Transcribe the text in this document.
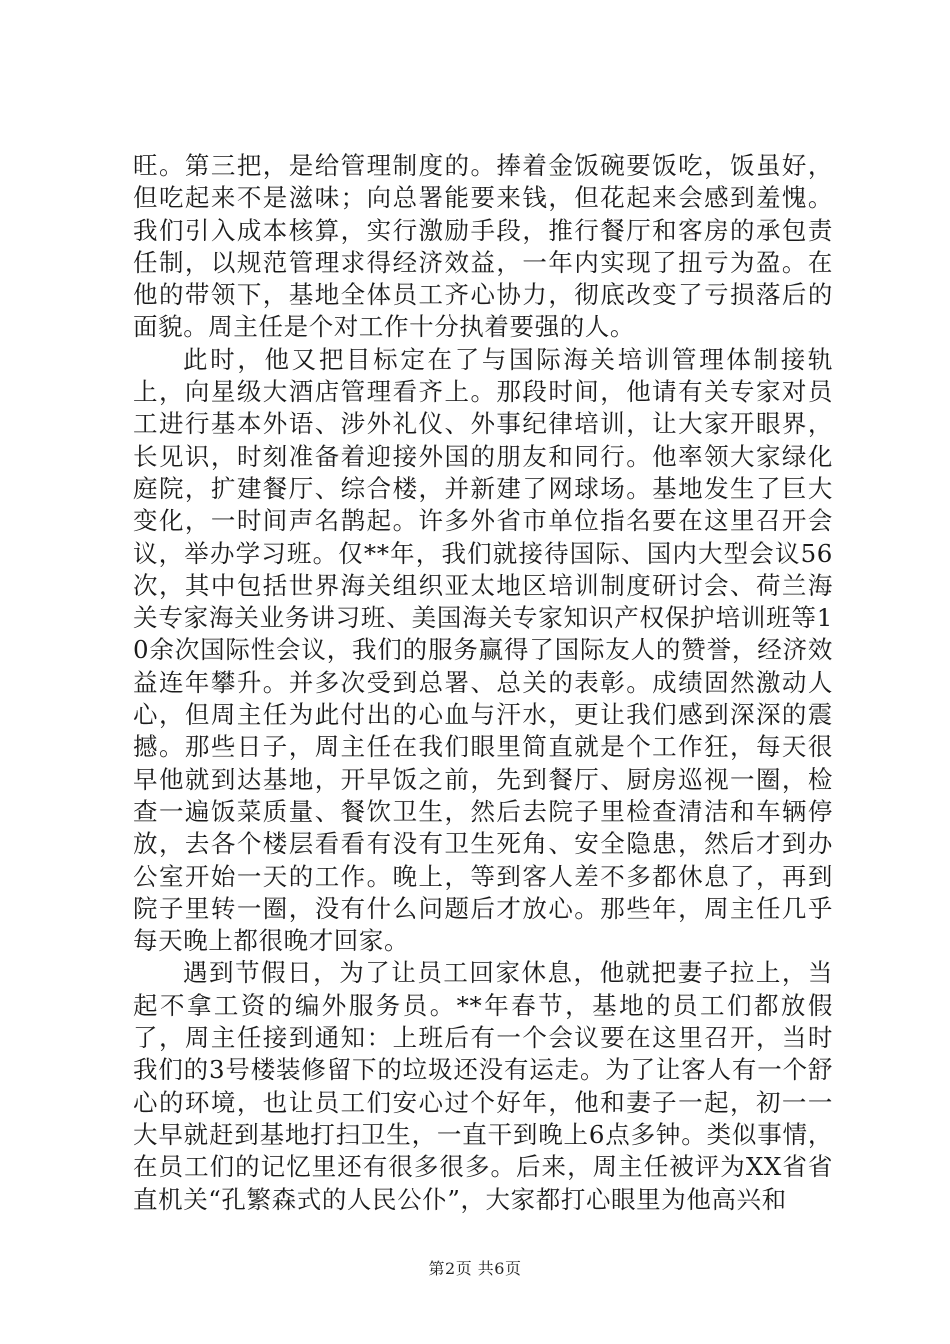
旺。第三把，是给管理制度的。捧着金饭碗要饭吃，饭虽好，但吃起来不是滋味；向总署能要来钱，但花起来会感到羞愧。我们引入成本核算，实行激励手段，推行餐厅和客房的承包责任制，以规范管理求得经济效益，一年内实现了扭亏为盈。在他的带领下，基地全体员工齐心协力，彻底改变了亏损落后的面貌。周主任是个对工作十分执着要强的人。

此时，他又把目标定在了与国际海关培训管理体制接轨上，向星级大酒店管理看齐上。那段时间，他请有关专家对员工进行基本外语、涉外礼仪、外事纪律培训，让大家开眼界，长见识，时刻准备着迎接外国的朋友和同行。他率领大家绿化庭院，扩建餐厅、综合楼，并新建了网球场。基地发生了巨大变化，一时间声名鹊起。许多外省市单位指名要在这里召开会议，举办学习班。仅**年，我们就接待国际、国内大型会议56次，其中包括世界海关组织亚太地区培训制度研讨会、荷兰海关专家海关业务讲习班、美国海关专家知识产权保护培训班等10余次国际性会议，我们的服务赢得了国际友人的赞誉，经济效益连年攀升。并多次受到总署、总关的表彰。成绩固然激动人心，但周主任为此付出的心血与汗水，更让我们感到深深的震撼。那些日子，周主任在我们眼里简直就是个工作狂，每天很早他就到达基地，开早饭之前，先到餐厅、厨房巡视一圈，检查一遍饭菜质量、餐饮卫生，然后去院子里检查清洁和车辆停放，去各个楼层看看有没有卫生死角、安全隐患，然后才到办公室开始一天的工作。晚上，等到客人差不多都休息了，再到院子里转一圈，没有什么问题后才放心。那些年，周主任几乎每天晚上都很晚才回家。

遇到节假日，为了让员工回家休息，他就把妻子拉上，当起不拿工资的编外服务员。**年春节，基地的员工们都放假了，周主任接到通知：上班后有一个会议要在这里召开，当时我们的3号楼装修留下的垃圾还没有运走。为了让客人有一个舒心的环境，也让员工们安心过个好年，他和妻子一起，初一一大早就赶到基地打扫卫生，一直干到晚上6点多钟。类似事情，在员工们的记忆里还有很多很多。后来，周主任被评为XX省省直机关“孔繁森式的人民公仆”，大家都打心眼里为他高兴和

第2页 共6页
